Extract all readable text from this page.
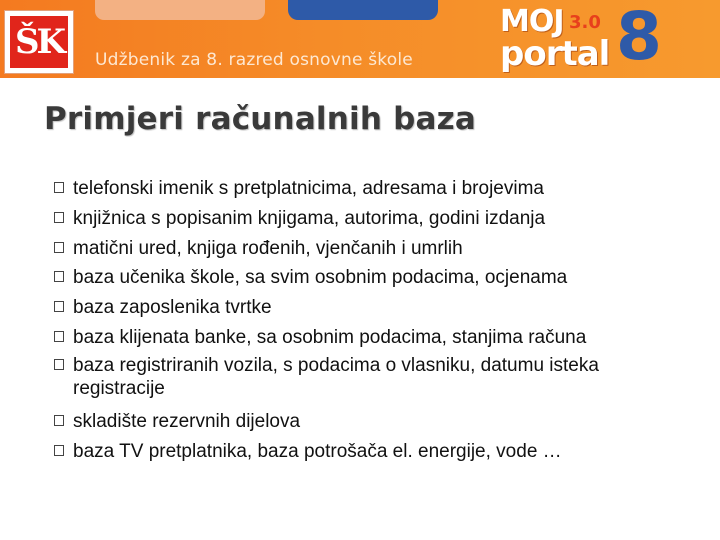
ŠK Udžbenik za 8. razred osnovne škole
MOJ
portal
3.0 8
Primjeri računalnih baza
telefonski imenik s pretplatnicima, adresama i brojevima
knjižnica s popisanim knjigama, autorima, godini izdanja
matični ured, knjiga rođenih, vjenčanih i umrlih
baza učenika škole, sa svim osobnim podacima, ocjenama
baza zaposlenika tvrtke
baza klijenata banke, sa osobnim podacima, stanjima računa
baza registriranih vozila, s podacima o vlasniku, datumu isteka registracije
skladište rezervnih dijelova
baza TV pretplatnika, baza potrošača el. energije, vode …
